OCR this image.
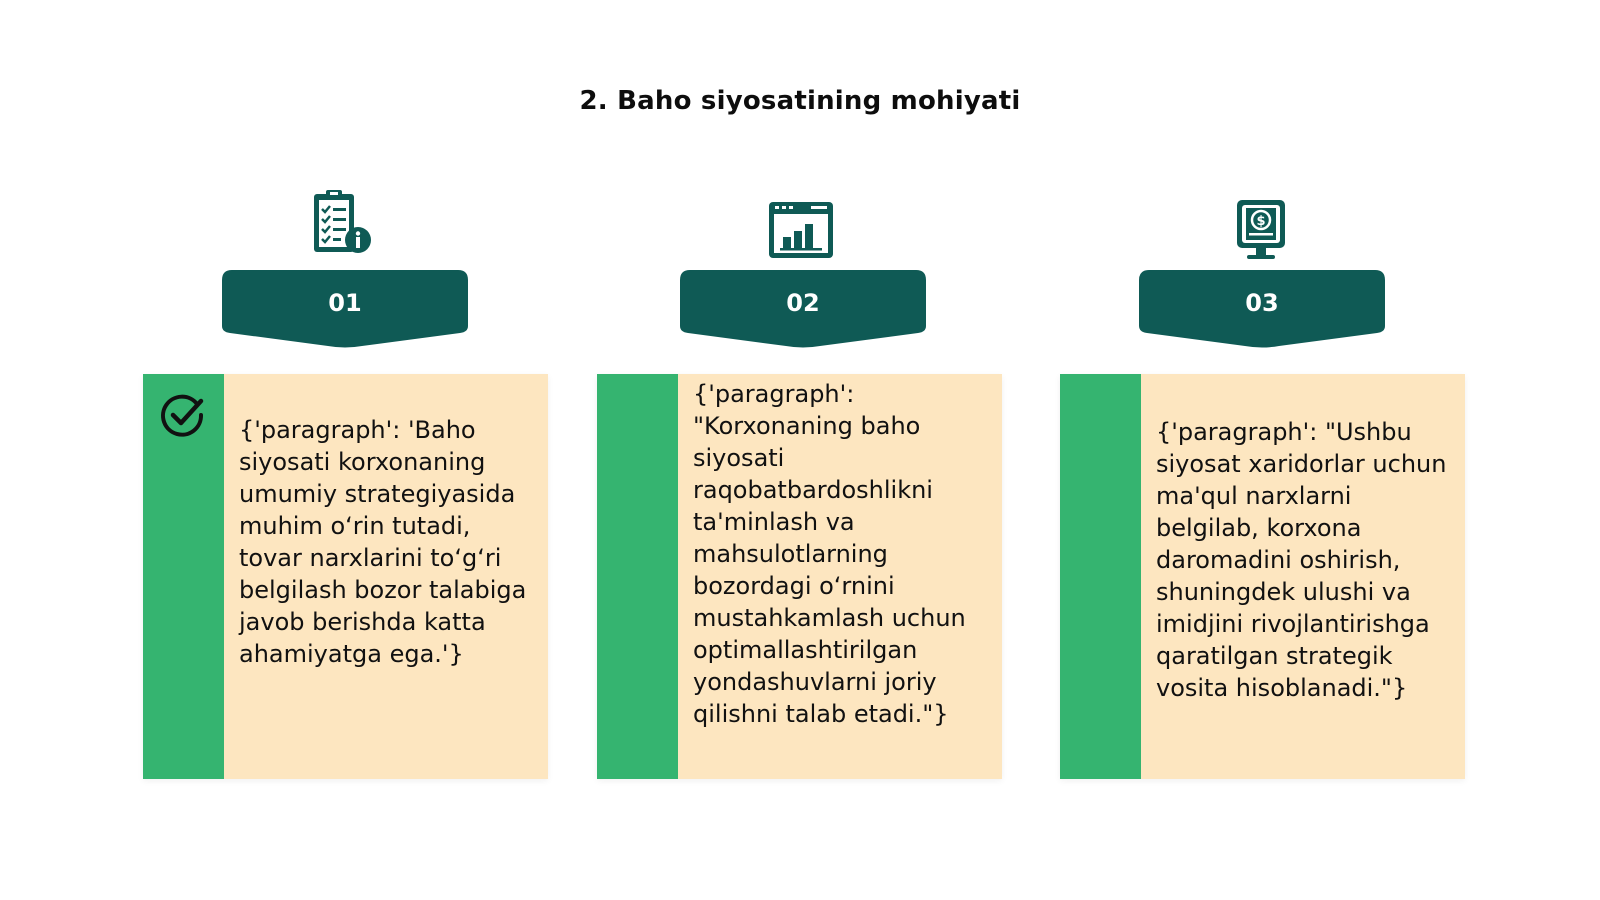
2. Baho siyosatining mohiyati
01
{'paragraph': 'Baho siyosati korxonaning umumiy strategiyasida muhim o‘rin tutadi, tovar narxlarini to‘g‘ri belgilash bozor talabiga javob berishda katta ahamiyatga ega.'}
02
{'paragraph': "Korxonaning baho siyosati raqobatbardoshlikni ta'minlash va mahsulotlarning bozordagi o‘rnini mustahkamlash uchun optimallashtirilgan yondashuvlarni joriy qilishni talab etadi."}
$
03
{'paragraph': "Ushbu siyosat xaridorlar uchun ma'qul narxlarni belgilab, korxona daromadini oshirish, shuningdek ulushi va imidjini rivojlantirishga qaratilgan strategik vosita hisoblanadi."}
